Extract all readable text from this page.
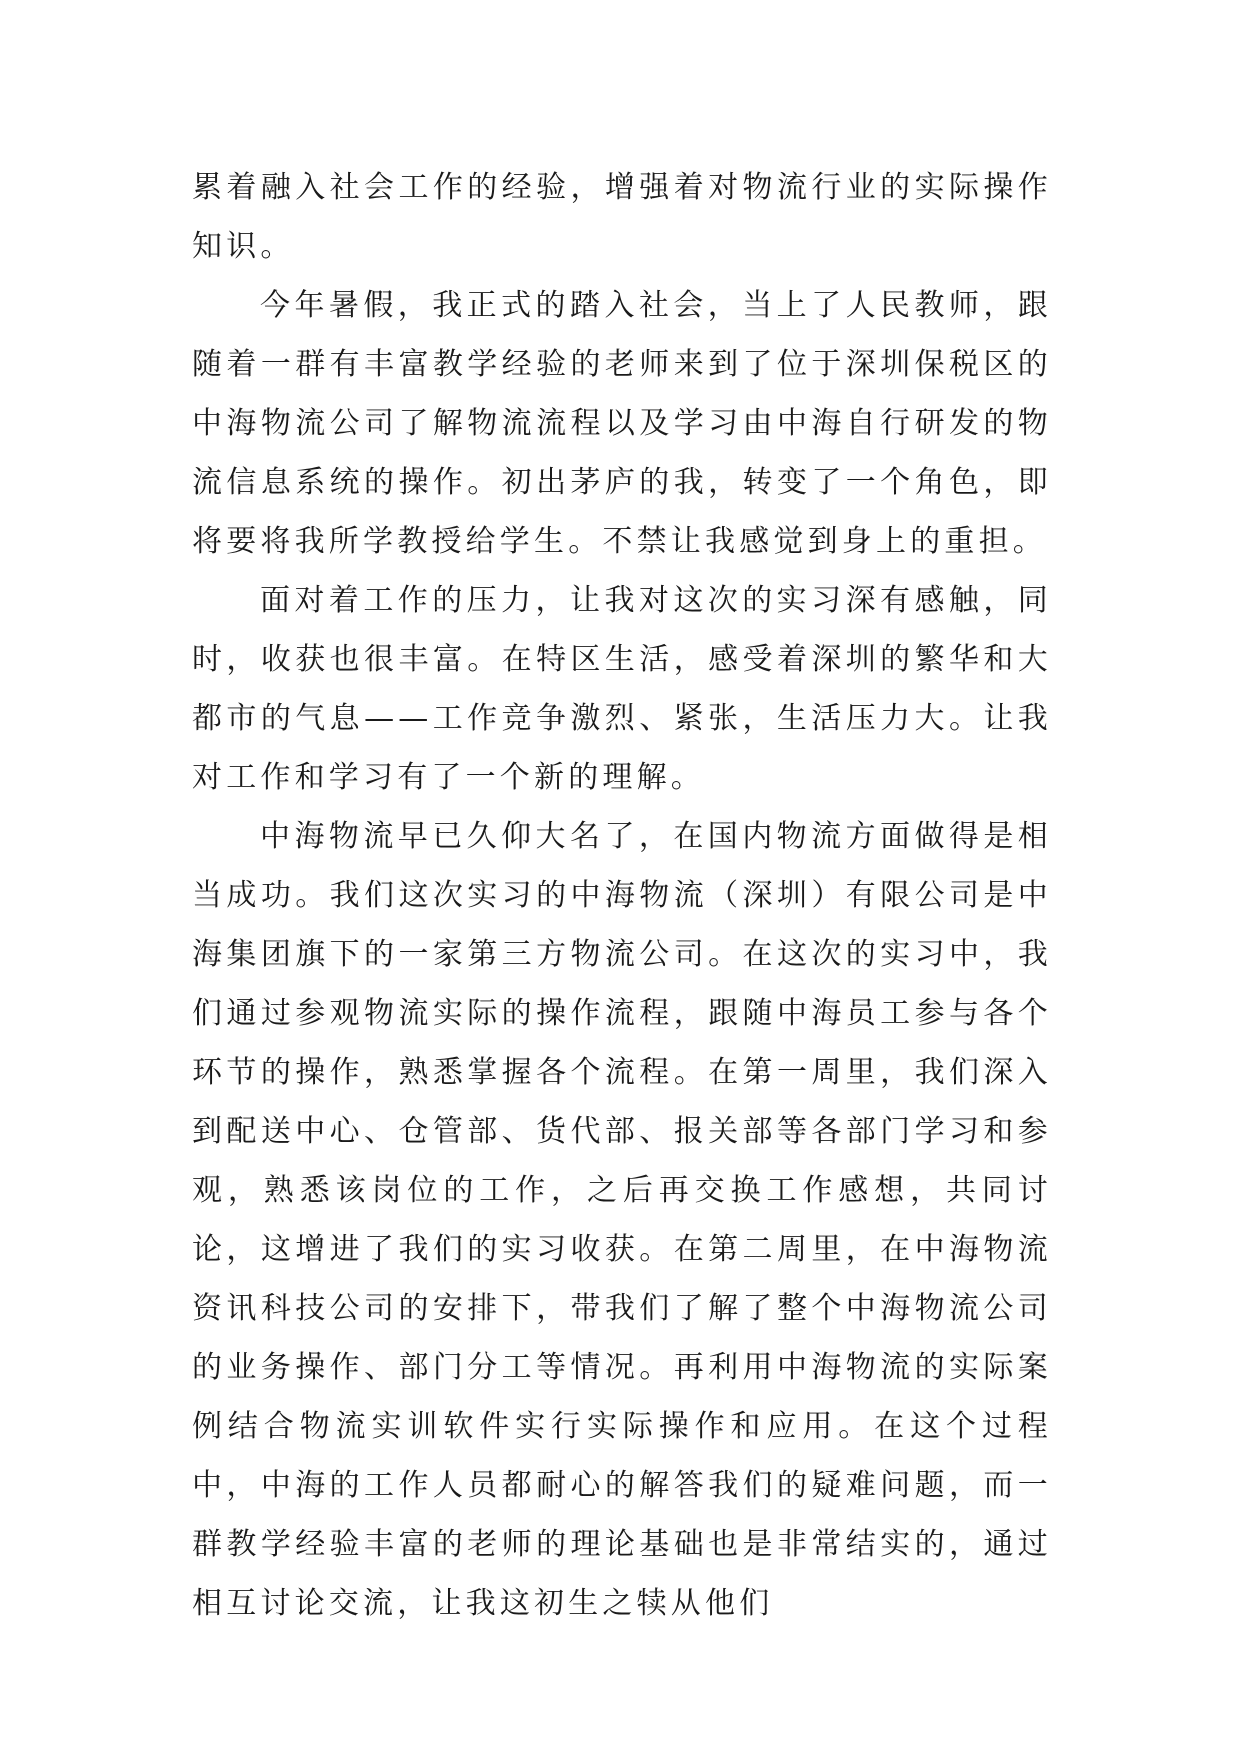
累着融入社会工作的经验，增强着对物流行业的实际操作知识。

今年暑假，我正式的踏入社会，当上了人民教师，跟随着一群有丰富教学经验的老师来到了位于深圳保税区的中海物流公司了解物流流程以及学习由中海自行研发的物流信息系统的操作。初出茅庐的我，转变了一个角色，即将要将我所学教授给学生。不禁让我感觉到身上的重担。

面对着工作的压力，让我对这次的实习深有感触，同时，收获也很丰富。在特区生活，感受着深圳的繁华和大都市的气息——工作竞争激烈、紧张，生活压力大。让我对工作和学习有了一个新的理解。

中海物流早已久仰大名了，在国内物流方面做得是相当成功。我们这次实习的中海物流（深圳）有限公司是中海集团旗下的一家第三方物流公司。在这次的实习中，我们通过参观物流实际的操作流程，跟随中海员工参与各个环节的操作，熟悉掌握各个流程。在第一周里，我们深入到配送中心、仓管部、货代部、报关部等各部门学习和参观，熟悉该岗位的工作，之后再交换工作感想，共同讨论，这增进了我们的实习收获。在第二周里，在中海物流资讯科技公司的安排下，带我们了解了整个中海物流公司的业务操作、部门分工等情况。再利用中海物流的实际案例结合物流实训软件实行实际操作和应用。在这个过程中，中海的工作人员都耐心的解答我们的疑难问题，而一群教学经验丰富的老师的理论基础也是非常结实的，通过相互讨论交流，让我这初生之犊从他们
